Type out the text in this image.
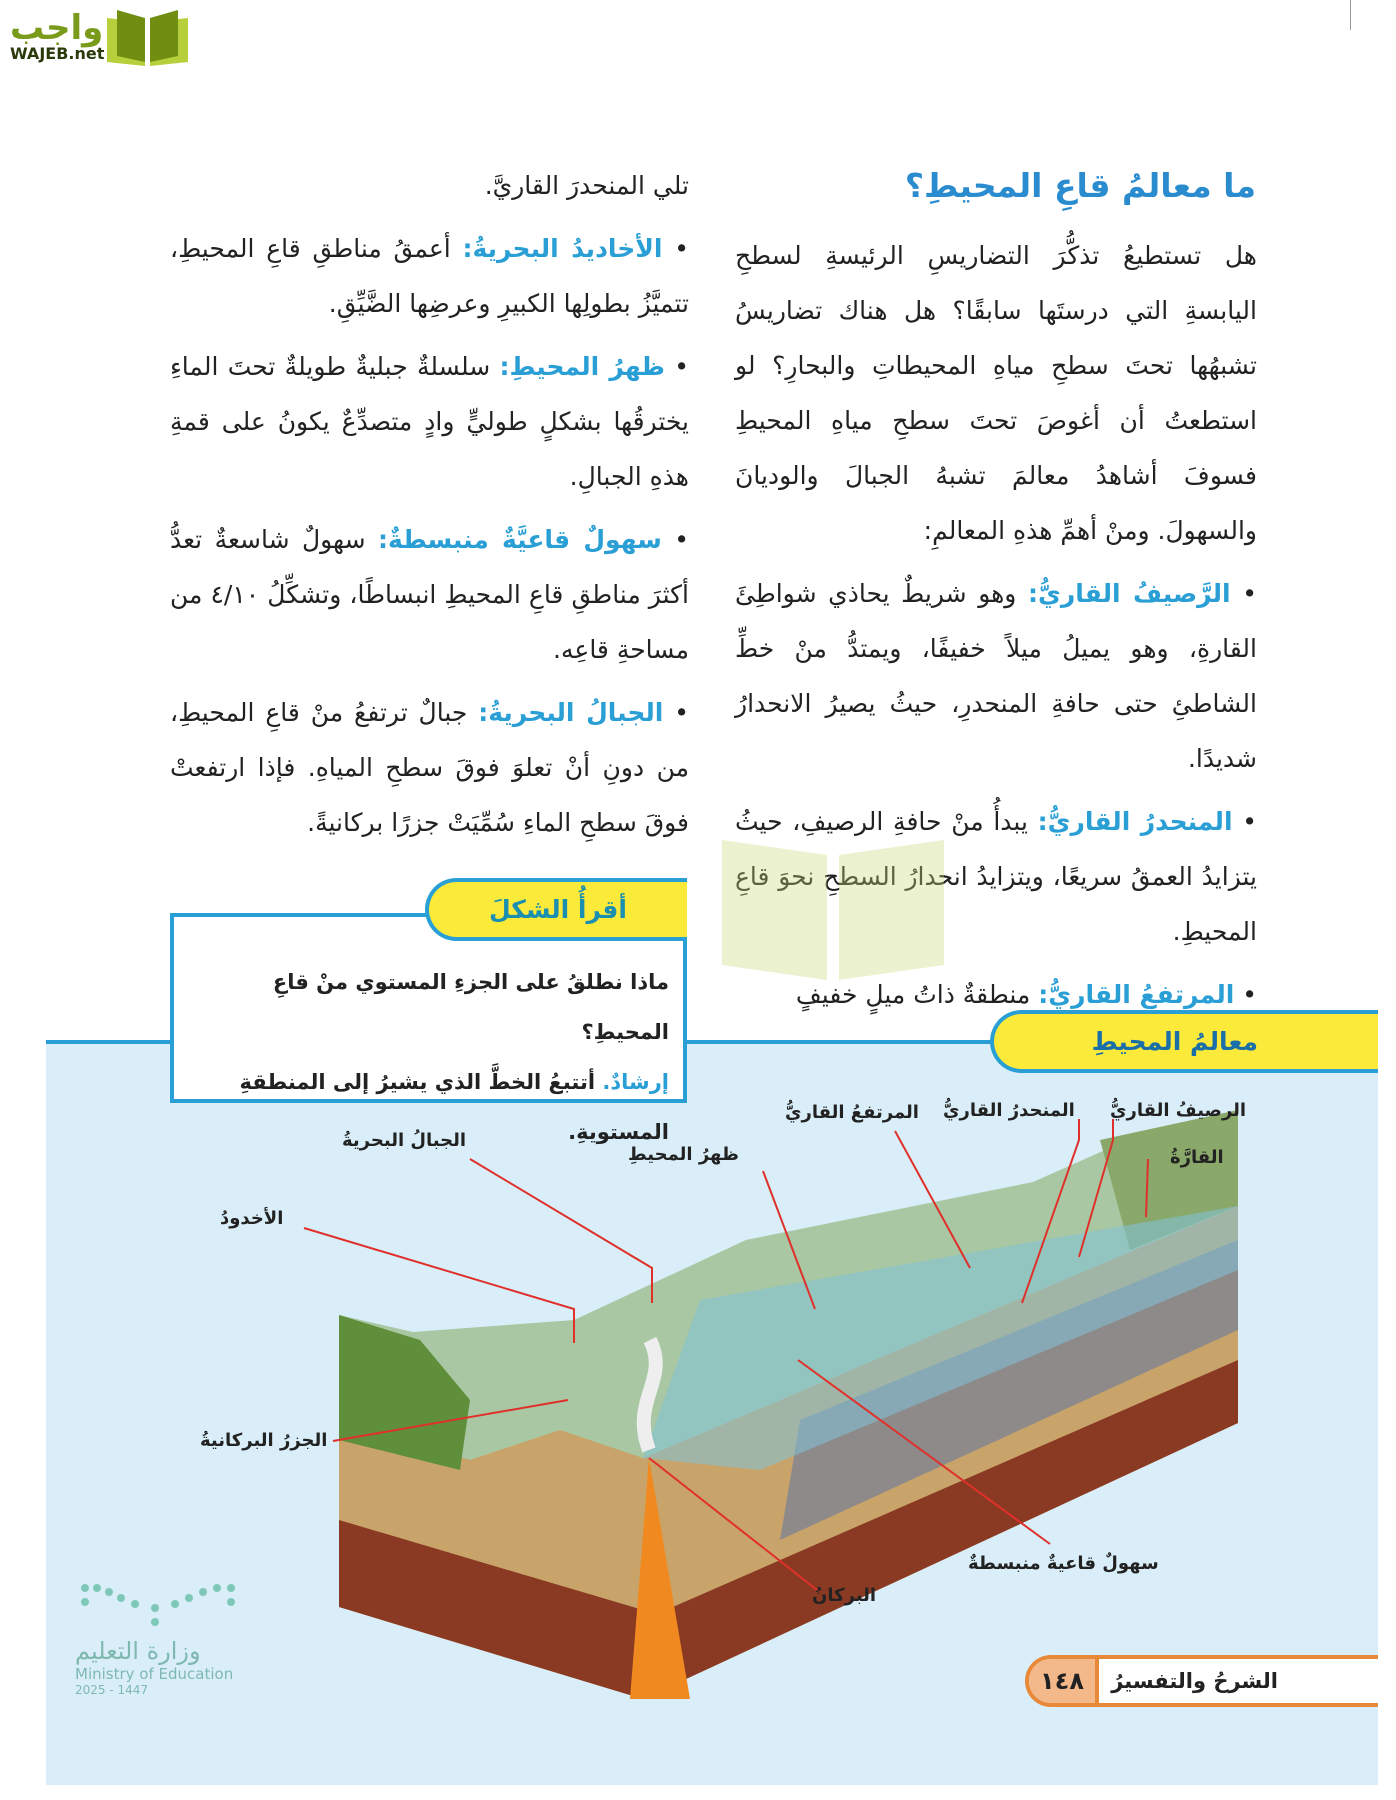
واجب
WAJEB.net
ما معالمُ قاعِ المحيطِ؟

هل تستطيعُ تذكُّرَ التضاريسِ الرئيسةِ لسطحِ اليابسةِ التي درستَها سابقًا؟ هل هناك تضاريسُ تشبهُها تحتَ سطحِ مياهِ المحيطاتِ والبحارِ؟ لو استطعتُ أن أغوصَ تحتَ سطحِ مياهِ المحيطِ فسوفَ أشاهدُ معالمَ تشبهُ الجبالَ والوديانَ والسهولَ. ومنْ أهمِّ هذهِ المعالمِ:

• الرَّصيفُ القاريُّ: وهو شريطٌ يحاذي شواطِئَ القارةِ، وهو يميلُ ميلاً خفيفًا، ويمتدُّ منْ خطِّ الشاطئِ حتى حافةِ المنحدرِ، حيثُ يصيرُ الانحدارُ شديدًا.

• المنحدرُ القاريُّ: يبدأُ منْ حافةِ الرصيفِ، حيثُ يتزايدُ العمقُ سريعًا، ويتزايدُ انحدارُ السطحِ نحوَ قاعِ المحيطِ.

• المرتفعُ القاريُّ: منطقةٌ ذاتُ ميلٍ خفيفٍ

تلي المنحدرَ القاريَّ.

• الأخاديدُ البحريةُ: أعمقُ مناطقِ قاعِ المحيطِ، تتميَّزُ بطولِها الكبيرِ وعرضِها الضَّيِّقِ.

• ظهرُ المحيطِ: سلسلةٌ جبليةٌ طويلةٌ تحتَ الماءِ يخترقُها بشكلٍ طوليٍّ وادٍ متصدِّعٌ يكونُ على قمةِ هذهِ الجبالِ.

• سهولٌ قاعيَّةٌ منبسطةٌ: سهولٌ شاسعةٌ تعدُّ أكثرَ مناطقِ قاعِ المحيطِ انبساطًا، وتشكِّلُ ٤/١٠ من مساحةِ قاعِه.

• الجبالُ البحريةُ: جبالٌ ترتفعُ منْ قاعِ المحيطِ، من دونِ أنْ تعلوَ فوقَ سطحِ المياهِ. فإذا ارتفعتْ فوقَ سطحِ الماءِ سُمِّيَتْ جزرًا بركانيةً.

معالمُ المحيطِ
ماذا نطلقُ على الجزءِ المستوي منْ قاعِ المحيطِ؟
إرشادٌ. أتتبعُ الخطَّ الذي يشيرُ إلى المنطقةِ المستويةِ.
أقرأُ الشكلَ
الرصيفُ القاريُّ
القارَّةُ
المنحدرُ القاريُّ
المرتفعُ القاريُّ
ظهرُ المحيطِ
الجبالُ البحريةُ
الأخدودُ
الجزرُ البركانيةُ
البركانُ
سهولٌ قاعيةٌ منبسطةٌ
وزارة التعليم
Ministry of Education
2025 - 1447	١٤٨	الشرحُ والتفسيرُ
